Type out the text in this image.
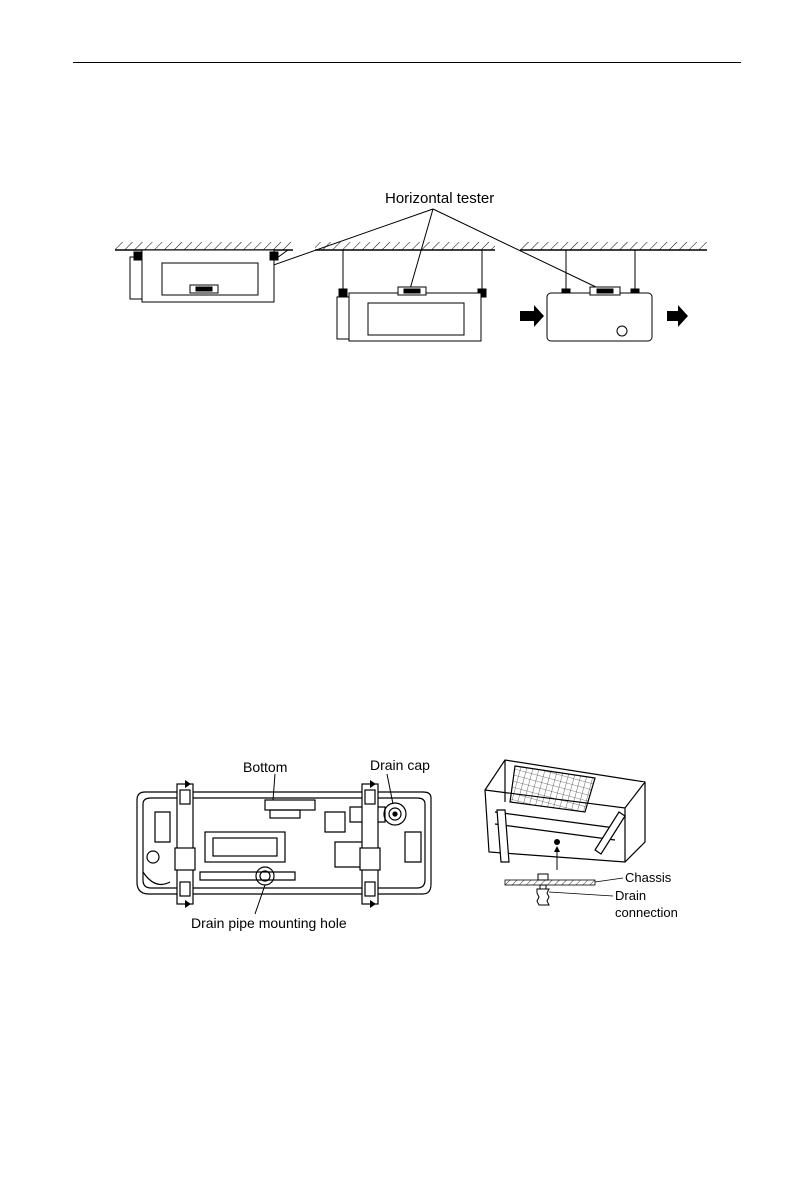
Horizontal tester
Bottom	Drain cap
Drain pipe mounting hole
Chassis
Drain
connection
